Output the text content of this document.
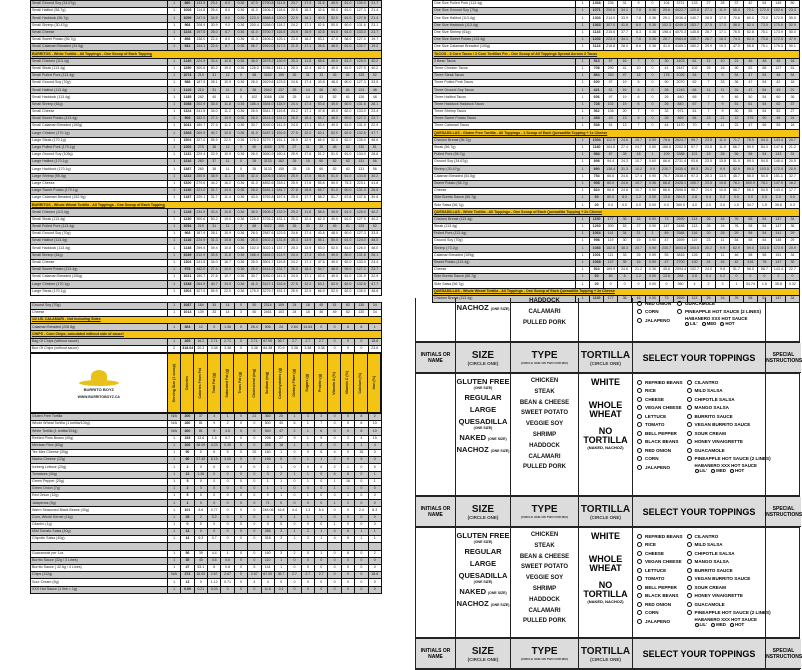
Small Ground Soy (34.67g)	1	880	143.5	23.1	8.0	0.36	47.0	2790.8	111.6	23.7	17.0	31.6	49.0	61.0	130.0	21.7
Small Halibut (56.7g)	1	1008	114.8	26.4	8.0	0.36	41.0	2406.2	118.6	20.5	16.3	42.6	55.0	61.0	127.3	21.4
Small Haddock (56.7g)	1	1059	247.5	34.5	8.0	0.36	123.4	2888.4	120.0	22.9	16.1	40.5	52.0	61.0	127.8	21.4
Small Shrimp (30.47g)	1	968	208.9	30.9	9.0	0.36	200.4	3268.0	118.2	24.2	17.1	52.6	50.0	60.0	131.6	23.1
Small Cheese	1	1224	197.5	26.0	6.7	0.36	41.0	3700.7	116.5	24.9	15.9	42.6	54.0	61.0	133.0	23.7
Small Sweet Potato (56.7g)	1	898	138.0	22.4	8.0	0.36	41.0	2406.2	125.1	23.0	18.2	53.1	47.0	58.0	127.0	19.7
Small Calamari Breaded (34.5g)	1	941	144.1	22.4	8.7	0.36	56.7	2910.0	117.2	21.5	17.1	36.6	48.0	61.0	132.7	19.2
BURRITOS - White Tortilla - All Toppings - One Scoop of Each Topping																
Small Chicken (113.4g)	1	1140	224.9	33.4	10.8	0.36	38.0	2678.2	139.9	25.3	11.8	58.6	49.0	61.0	125.0	40.2
Small Steak (113.4g)	1	1250	300.6	50.2	19.0	0.36	126.0	3786.2	141.1	25.3	12.4	62.3	49.0	61.0	127.9	40.2
Small Pulled Pork (113.4g)	1	1074	219	31	12	0	88	3452	159	26	31	33	45	61	125	52
Small Ground Soy (70g)	1	988	187.9	28.1	10.9	0.36	26.0	2629.6	123.5	24.6	17.4	43.8	48.0	60.0	127.3	33.5
Small Halibut (113.4g)	1	1120	210	31	11	0	26	2942	137	25	14	55	50	61	124	48
Small Haddock (113.4g)	1	1185	282	40	11	0	102	3068	138	25	14	53	52	61	126	48
Small Shrimp (61g)	1	1088	202.9	35.5	11.8	0.36	186.4	3554.0	118.9	24.4	17.4	53.6	49.0	60.0	131.6	28.1
Small Cheese	1	1324	241.5	34.0	11.2	0.36	26.0	3541.7	119.8	24.2	17.1	47.6	49.0	62.0	133.0	23.4
Small Sweet Potato (113.4g)	1	908	182.0	27.4	10.9	0.36	26.0	2614.2	131.0	26.0	18.4	54.7	48.0	59.0	127.2	23.7
Small Calamari Breaded (100g)	1	1041	180.7	27.4	11.2	0.36	30.7	3092.0	141.5	24.0	17.1	53.4	49.0	61.0	131.9	22.9
Large Chicken (170.1g)	1	1368	269.9	40.7	10.5	0.36	41.0	3187.1	152.6	27.5	12.2	63.1	52.0	62.0	132.8	47.7
Large Steak (170.1g)	1	1504	327.0	55.9	22.0	0.36	176.0	3279.7	151.1	26.9	12.9	66.9	52.0	62.0	135.0	48.6
Large Pulled Pork (170.1g)	1	1260	275	38	12	0	90	4083	175	27	31	35	48	62	130	61
Large Ground Soy (105g)	1	1131	229.4	32.9	10.9	0.36	26.0	3650.9	160.4	25.9	17.6	51.2	51.0	61.0	134.0	28.8
Large Halibut (170.1g)	1	1316	260	37	11	0	26	3133	162	26	15	60	52	62	131	56
Large Haddock (170.1g)	1	1387	280	38	11	0	26	3133	155	25	15	60	52	62	131	56
Large Shrimp (95.4g)	1	1222	250.6	38.9	11.1	0.36	32.4	3206.5	138.6	25.9	17.6	56.8	51.0	61.0	134.8	30.2
Large Cheese	1	1520	279.6	44.2	16.2	0.36	41.0	4852.6	218.1	25.9	17.6	55.8	50.0	75.3	223.1	41.8
Large Sweet Potato (170.1g)	1	1146	221.0	31.7	10.5	0.36	26.0	3181.1	181.7	27.8	18.8	65.7	51.0	60.0	131.3	26.5
Large Calamari Breaded (152.9g)	1	1187	220.1	31.7	11.4	0.36	43.0	3752.8	157.4	25.0	17.7	58.2	51.7	67.6	137.8	30.6
BURRITOS - Whole Wheat Tortilla - All Toppings - One Scoop of Each Topping																
Small Chicken (113.4g)	1	1128	234.9	33.4	10.8	0.36	38.0	2608.2	132.9	25.3	11.8	58.6	49.0	61.0	125.0	40.2
Small Steak (113.4g)	1	1230	300.6	50.2	19.0	0.36	126.0	3726.2	131.1	25.3	12.4	62.3	49.0	61.0	127.9	40.2
Small Pulled Pork (113.4g)	1	1054	219	31	11	0	88	3422	150	26	30	33	45	61	125	52
Small Ground Soy (70g)	1	968	187.9	28.1	10.9	0.36	26.0	2587.6	123.5	24.6	17.4	43.8	48.0	60.0	127.3	33.5
Small Halibut (113.4g)	1	1118	224.9	31.3	10.8	0.36	26.0	2402.2	131.8	25.3	13.9	55.1	50.0	61.0	124.0	48.0
Small Haddock (113.4g)	1	1138	299.5	39.4	10.8	0.36	102.0	3022.1	137.7	25.3	13.9	53.0	52.0	61.0	126.0	48.0
Small Shrimp (61g)	1	1049	212.9	35.5	11.8	0.36	186.4	3464.0	114.9	24.4	17.4	53.6	49.0	60.0	131.6	28.1
Small Cheese	1	1304	241.5	34.0	16.7	0.36	26.0	3501.7	119.8	24.2	17.1	47.6	49.0	62.0	133.0	23.4
Small Sweet Potato (113.4g)	1	978	182.0	27.4	10.9	0.36	26.0	2414.2	131.7	26.0	18.4	54.7	48.0	59.0	127.2	23.7
Small Calamari Breaded (100g)	1	1021	180.7	27.6	10.7	0.36	30.7	3052.0	141.5	24.0	17.1	53.4	49.0	61.0	131.9	22.9
Large Chicken (170.1g)	1	1348	264.9	40.7	10.5	0.36	41.0	3127.1	152.6	27.5	12.2	63.1	52.0	62.0	132.8	47.7
Large Steak (170.1g)	1	1504	327.0	55.9	22.0	0.36	176.0	3279.7	151.1	26.9	12.9	66.9	52.0	62.0	135.0	48.6
Ground Soy (70g)	1	1087	184	34	14	0	50	2314	109	24	18	45	51	62	130	34
Cheese	1	1013	139	33	14	3	50	2461	103	24	18	46	49	62	130	34
1/2 LB. CALAMARI - Not Including Sides																
Calamari Breaded (226.8g)	1	364	12	0	1.36	0	26.4	506	24	2.64	14.64	0	0	6	6	1
CHIPS - Corn Chips, calculated without side of sauce!																
Bag Of Chips (without sauce)	1	265	16.2	2.71	2.71	0	2.71	67.90	36.7	2.7	2.7	2.7	0	0	0	18.6
Box Of Chips (without sauce)	2	318.64	20.3	3.38	3.38	0	3.38	84.38	70.9	3.38	3.38	3.38	0	0	0	23.6
BURRITO BOYZ
WWW.BURRITOBOYZ.CA	Serving Size (1 scoop)	Calories	Calories From Fat	Total Fat (g)	Saturated Fat (g)	Trans Fat (g)	Cholesterol (mg)	Sodium (mg)	Carbohydrates (g)	Dietary Fibre (g)	Sugars (g)	Protein (g)	Vitamin A (%)	Vitamin C (%)	Calcium (%)	Iron (%)
Gluten Free Tortilla	N/A	200	37	4	1	0	21	360	20	1	3	3	0	0	8	2
Whole Wheat Tortilla (1 tortilla/104g)	N/A	280	81	9	2	0	0	500	40	6	1	7	0	0	8	10
White Tortilla (1 tortilla/104g)	N/A	300	81	9	3.5	0	0	540	47	2	1	6	0	0	8	10
Refried Pinto Beans (40g)	1	153	13.6	1.5	0.7	0	0	298	27	9	1	9	0	2	4	15
Mexican Rice (60g)	1	106	38.09	4.23	0.35	0	0	255	18	1	1	2	0	0	1	4
Tex Mex Cheese (30g)	1	90	0	6	5	0	20	160	1	0	0	6	4	0	15	0
Nacho Cheese (12g)	1	80	27.45	5.15	3.05	0	5	196	5	0	1	1	2	0	5	0
Iceberg Lettuce (20g)	1	2	0	0	0	0	0	2	1	0	0	0	2	1	0	0
Tomatoes (40g)	1	12	1.36	0	0	0	0	3	2	1	1	0	6	8	0	1
Green Pepper (20g)	1	5	0	0	0	0	0	1	1	0	1	0	1	16	0	1
Green Onion (7g)	1	2	0	0	0	0	0	1	1	0	0	0	1	1	0	0
Red Onion (12g)	1	5	0	0	0	0	0	0	1	0	1	0	0	1	0	0
Jalapenos (5g)	1	1	0	0	0	0	0	71	0	0	0	0	1	2	0	0
Warm Seasoned Black Beans (40g)	1	101	8.6	0.77	0	0	0	248.06	16.8	4.4	1.3	6.4	0	0	2.4	8.3
Corn, Whole Kernel (14g)	1	25	2	0.2	0	0	0	4	5	1	1	1	0	0	0	0
Cilantro (1g)	1	0	0	0	0	0	0	0	0	0	0	0	1	0	0	0
Mild Tomato Salsa (40g)	1	14	0	0	0	0	0	286	3	1	2	1	4	6	1	1
Chipotle Salsa (40g)	1	14	6.3	0.7	0	0	0	318	3	1	2	1	4	6	1	1

Guacamole per 1oz	1	56	39	4.4	1	0	0	160	3	2	0	1	0	6	0	2
Burrito Sauce (32g / 3 Lines)	1	35	40	4.6	0.6	0	0	110	1	0	0	0	0	0	0	0
Burrito Sauce ( 42.6g / 4 Lines)	1	47	53.1	6	0.8	0	5	141	1	0	0	0	0	0	0	0
Chips (112g)	N/A	272	16.00	2.67	2.67	0	2.67	67.00	36.7	2.7	2.7	2.7	0	0	0	18.6
Sour Cream (5g)	1	13	0	1.12	0.71	0	4	4	0	0	0	0	0	0	0	0
XXX Hot Sauce (1 line = 1g)	1	0.69	0.21	0.03	0	0	0	11.6	0.1	0	0	0	0	0	0	0
One Size Pulled Pork (113.4g)	1	1368	236	31	9	0	104	3721	133	27	28	37	42	54	145	50
One Size Ground Soy (70g)	1	1071	200.6	34.1	7.8	0.36	29.6	4022.7	120.8	27.1	11.9	55.0	72.1	172.9	102.6	23.3
One Size Halibut (113.4g)	1	1303	214.0	33.9	7.8	0.36	29.1	3036.4	140.7	28.5	17.0	70.6	60.0	73.0	172.9	55.0
One Size Haddock (113.4g)	1	1363	307.0	41.6	8.0	0.36	102.3	4249.3	153.7	27.5	17.0	58.0	52.4	73.0	175.0	52.9
One Size Shrimp (61g)	1	1143	215.6	37.7	8.3	0.36	198.4	4070.3	145.8	28.7	17.1	76.5	62.8	75.1	173.9	50.0
One Size Sweet Potato (113.4g)	1	1202	223.4	34.1	7.6	0.36	26.7	3984.8	130.7	28.7	16.3	74.3	62.4	73.6	172.5	47.9
One Size Calamari Breaded (100g)	1	1124	218.8	28.0	8.6	0.36	41.0	4165.1	180.2	29.9	19.3	47.0	58.8	75.1	176.3	50.1
TACOS - 3 Corn Tacos / 3 Corn Tortillas Per - One Scoop of All Toppings Spread Across 3 Tacos																
3 Bean Tacos	1	513	57	16	7	0	30	1403	61	11	10	21	46	48	45	18
Three Chicken Tacos	1	708	290	41	10	0	41	2447	102	25	16	90	52	68	127	51
Three Steak Tacos	1	864	340	47	18	0	176	1026	54	7	9	54	47	54	46	54
Three Pulled Pork Tacos	1	600	97	19	6	0	90	2070	62	7	33	36	47	54	42	18
Three Ground Soy Tacos	1	421	51	16	6	0	26	1243	64	11	11	31	47	54	49	21
Three Halibut Tacos	1	606	97	19	6	0	26	840	66	7	9	46	50	54	60	36
Three Haddock Haddock Tacos	1	728	102	19	6	0	26	840	67	7	9	51	61	54	62	37
Three Shrimp Tacos	1	562	106	20	7	0	32	971	61	7	9	30	55	54	52	27
Three Sweet Potato Tacos	1	468	43	13	6	0	26	869	64	13	21	12	375	90	46	24
Three Calamari Tacos	1	538	51	13	7	0	44	1470	70	9	11	22	47	56	55	18
QUESADILLAS - Gluten Free Tortilla - All Toppings - 1 Scoop of Each Quesadilla Topping + 1x Cheese																
Chicken Breast (56.7g)	1	1004	112.9	24.6	10.7	0.59	76.6	2624.7	99.7	23.5	11.9	71.7	76.9	54.3	143.4	20.7
Steak (56.7g)	1	1180	164.6	27.4	24.7	0.60	166.6	2202.5	97.7	23.5	11.9	66.7	59.0	54.3	147.6	21.2
Pulled Pork (56.7g)	1	984	87	28	18	1	109	3388	101	19	28	56	58	54	143	31
Ground Soy (34.67g)	1	898	94.4	24.3	10.7	0.60	66.6	2731.4	93.6	23.5	15.8	51.0	59.0	54.5	146.4	20.5
Shrimp (30.47g)	1	890	138.4	31.3	10.2	0.9	230.7	3435.4	89.3	20.2	9.9	62.9	59.0	103.5	172.9	20.9
Calamari Breaded (54.5g)	1	754	66.6	24.6	17.4	0.90	76.7	2838.0	97.3	20.3	13.0	45.7	58.0	54.5	151.1	32.7
Sweet Potato (56.7g)	1	908	60.0	24.6	10.7	0.36	66.8	2428.1	100.7	23.5	19.8	78.1	600.9	78.1	147.9	18.2
Cheese	1	824	66.6	24.6	10.7	0.90	66.6	2596.5	95.7	24.0	10.8	58.7	58.0	54.5	143.4	17.7
Side Burrito Sauce (56.7g)	1	60	80.0	8.0	1.2	0.00	13.6	284.0	2.8	0.4	0.2	0.0	0.0	0.0	2.0	0.0
Side Salsa (56.7g)	1	20	0.0	0.0	0.0	0.00	0.0	360.0	4.0	2.0	3.0	1.0	34.7	1.5	35.8	0.3
QUESADILLAS - White Tortilla - All Toppings - One Scoop of Each Quesadilla Topping + 2x Cheese																
Chicken Breast (113.4g)	1	1150	177	36	16	0.90	73	2699	114	26	16	76	58	54	147	34
Steak (113.4g)	1	1260	300	53	27	0.90	147	3488	113	26	16	76	58	54	147	36
Pulled Pork (113.4g)	1	1064	141	34	21	1	89	3384	116	20	28	29	58	54	141	29
Ground Soy (70g)	1	998	119	30	19	0.90	47	2699	119	23	11	54	58	54	148	29
Shrimp (73.2g)	1	1083	182.6	38.3	20.7	0.90	230.7	3653.8	104.5	20.2	9.9	62.9	59.0	103.5	172.9	20.9
Calamari Breaded (109g)	1	1001	111	33	26	0.59	55	3816	126	21	11	46	58	58	151	34
Sweet Potato (113.4g)	1	1068	147	35	16	0.90	47	2700	130	24	16	42	416	78	147	30
Cheese	1	924	169.9	24.6	21.2	0.36	45.6	2594.4	102.7	24.0	9.8	51.7	58.0	58.7	143.4	22.7
Side Burrito Sauce (56.7g)	1	60	80	8	1.2	0.00	13.6	284	2.8	0.4	0.2	0	0	0	2	0
Side Salsa (56.7g)	1	20	0	0	0	0.00	0	360	4	2	3	1	34.74	1.5	35.8	0.32
QUESADILLAS - Whole Wheat Tortilla - All Toppings - One Scoop of Each Quesadilla Topping + 2x Cheese																
Chicken Breast (113.4g)	1	1130	177	36	16	0.90	73	2699	113	26	16	76	58	54	147	34
NACHOZ (ONE SIZE)
HADDOCK
CALAMARI
PULLED PORK
RED ONION
CORN
JALAPENO
GUACAMOLE
PINEAPPLE HOT SAUCE (2 LINES)
HABANERO XXX HOT SAUCE
LIL' MED HOT
INITIALS OR NAME	SIZE
(CIRCLE ONE)
TYPE
(CIRCLE ONE OR TWO FOR MIX)
TORTILLA
(CIRCLE ONE)
SELECT YOUR TOPPINGS	SPECIAL INSTRUCTIONS
GLUTEN FREE
(ONE SIZE)
REGULAR
LARGE
QUESADILLA
(ONE SIZE)
NAKED (ONE SIZE)
NACHOZ (ONE SIZE)
CHICKEN
STEAK
BEAN & CHEESE
SWEET POTATO
VEGGIE SOY
SHRIMP
HADDOCK
CALAMARI
PULLED PORK
WHITE
WHOLE WHEAT
NO TORTILLA
(NAKED, NACHOZ)
REFRIED BEANS
RICE
CHEESE
VEGAN CHEESE
LETTUCE
TOMATO
BELL PEPPER
BLACK BEANS
RED ONION
CORN
JALAPENO
CILANTRO
MILD SALSA
CHIPOTLE SALSA
MANGO SALSA
BURRITO SAUCE
VEGAN BURRITO SAUCE
SOUR CREAM
HONEY VINAIGRETTE
GUACAMOLE
PINEAPPLE HOT SAUCE (2 LINES)
HABANERO XXX HOT SAUCE
LIL' MED HOT
INITIALS OR NAME	SIZE
(CIRCLE ONE)
TYPE
(CIRCLE ONE OR TWO FOR MIX)
TORTILLA
(CIRCLE ONE)
SELECT YOUR TOPPINGS	SPECIAL INSTRUCTIONS
GLUTEN FREE
(ONE SIZE)
REGULAR
LARGE
QUESADILLA
(ONE SIZE)
NAKED (ONE SIZE)
NACHOZ (ONE SIZE)
CHICKEN
STEAK
BEAN & CHEESE
SWEET POTATO
VEGGIE SOY
SHRIMP
HADDOCK
CALAMARI
PULLED PORK
WHITE
WHOLE WHEAT
NO TORTILLA
(NAKED, NACHOZ)
REFRIED BEANS
RICE
CHEESE
VEGAN CHEESE
LETTUCE
TOMATO
BELL PEPPER
BLACK BEANS
RED ONION
CORN
JALAPENO
CILANTRO
MILD SALSA
CHIPOTLE SALSA
MANGO SALSA
BURRITO SAUCE
VEGAN BURRITO SAUCE
SOUR CREAM
HONEY VINAIGRETTE
GUACAMOLE
PINEAPPLE HOT SAUCE (2 LINES)
HABANERO XXX HOT SAUCE
LIL' MED HOT
INITIALS OR NAME	SIZE
(CIRCLE ONE)
TYPE
(CIRCLE ONE OR TWO FOR MIX)
TORTILLA
(CIRCLE ONE)
SELECT YOUR TOPPINGS	SPECIAL INSTRUCTIONS
